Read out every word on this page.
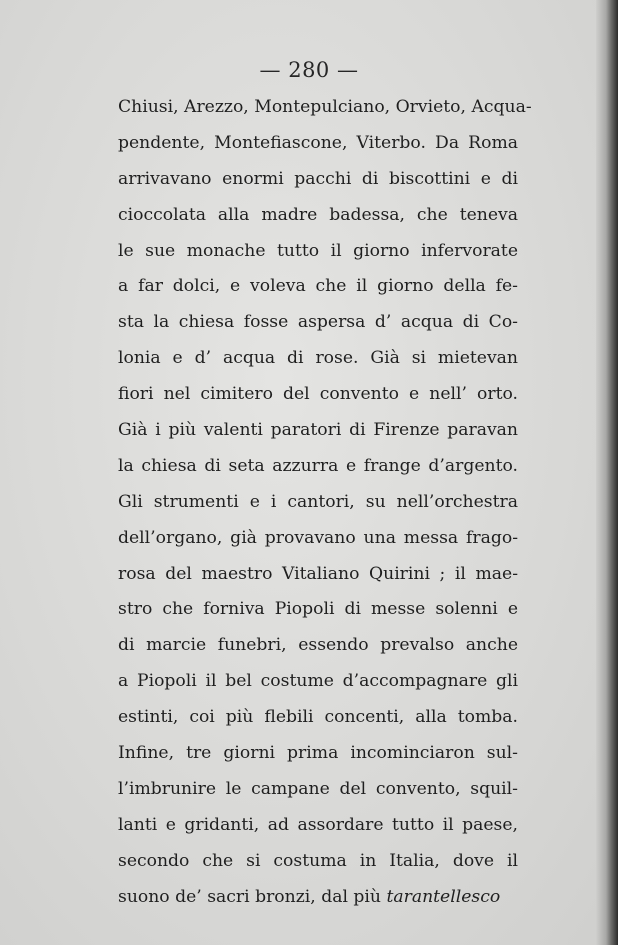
— 280 —
Chiusi, Arezzo, Montepulciano, Orvieto, Acqua-
pendente, Montefiascone, Viterbo. Da Roma
arrivavano enormi pacchi di biscottini e di
cioccolata alla madre badessa, che teneva
le sue monache tutto il giorno infervorate
a far dolci, e voleva che il giorno della fe-
sta la chiesa fosse aspersa d’ acqua di Co-
lonia e d’ acqua di rose. Già si mietevan
fiori nel cimitero del convento e nell’ orto.
Già i più valenti paratori di Firenze paravan
la chiesa di seta azzurra e frange d’argento.
Gli strumenti e i cantori, su nell’orchestra
dell’organo, già provavano una messa frago-
rosa del maestro Vitaliano Quirini ; il mae-
stro che forniva Piopoli di messe solenni e
di marcie funebri, essendo prevalso anche
a Piopoli il bel costume d’accompagnare gli
estinti, coi più flebili concenti, alla tomba.
Infine, tre giorni prima incominciaron sul-
l’imbrunire le campane del convento, squil-
lanti e gridanti, ad assordare tutto il paese,
secondo che si costuma in Italia, dove il
suono de’ sacri bronzi, dal più tarantellesco
